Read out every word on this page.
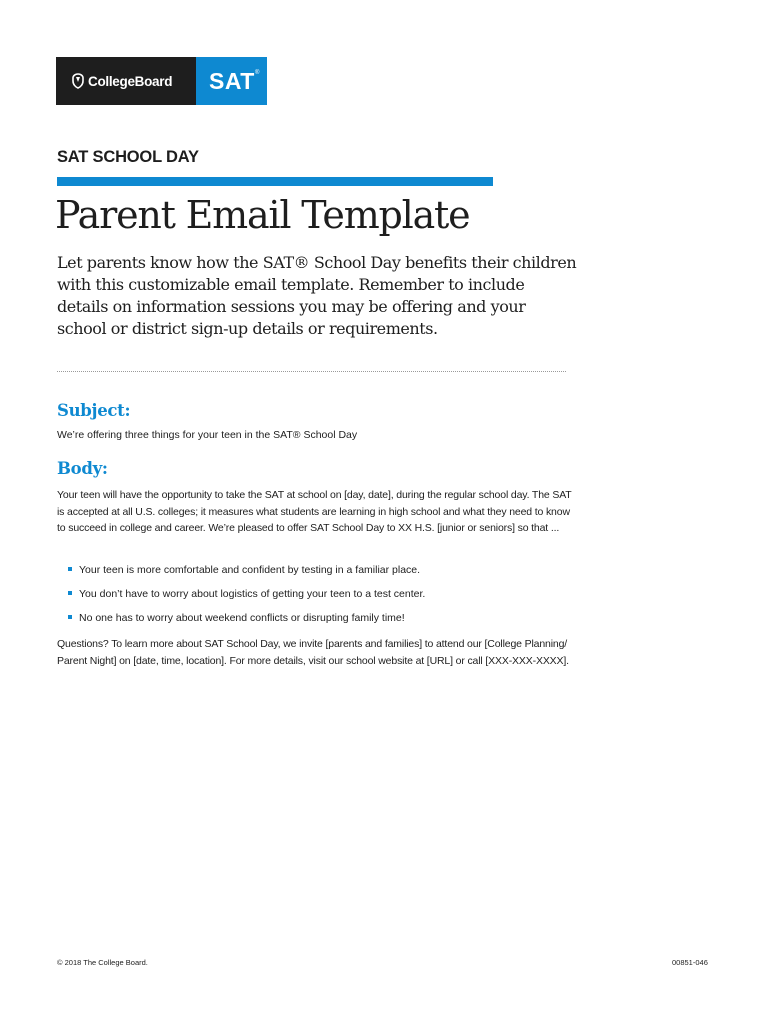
CollegeBoard SAT ®
SAT SCHOOL DAY
Parent Email Template
Let parents know how the SAT® School Day benefits their children with this customizable email template. Remember to include details on information sessions you may be offering and your school or district sign-up details or requirements.
Subject:
We’re offering three things for your teen in the SAT® School Day
Body:
Your teen will have the opportunity to take the SAT at school on [day, date], during the regular school day. The SAT is accepted at all U.S. colleges; it measures what students are learning in high school and what they need to know to succeed in college and career. We’re pleased to offer SAT School Day to XX H.S. [junior or seniors] so that ...
Your teen is more comfortable and confident by testing in a familiar place.
You don’t have to worry about logistics of getting your teen to a test center.
No one has to worry about weekend conflicts or disrupting family time!
Questions? To learn more about SAT School Day, we invite [parents and families] to attend our [College Planning/ Parent Night] on [date, time, location]. For more details, visit our school website at [URL] or call [XXX-XXX-XXXX].
© 2018 The College Board.	00851-046
